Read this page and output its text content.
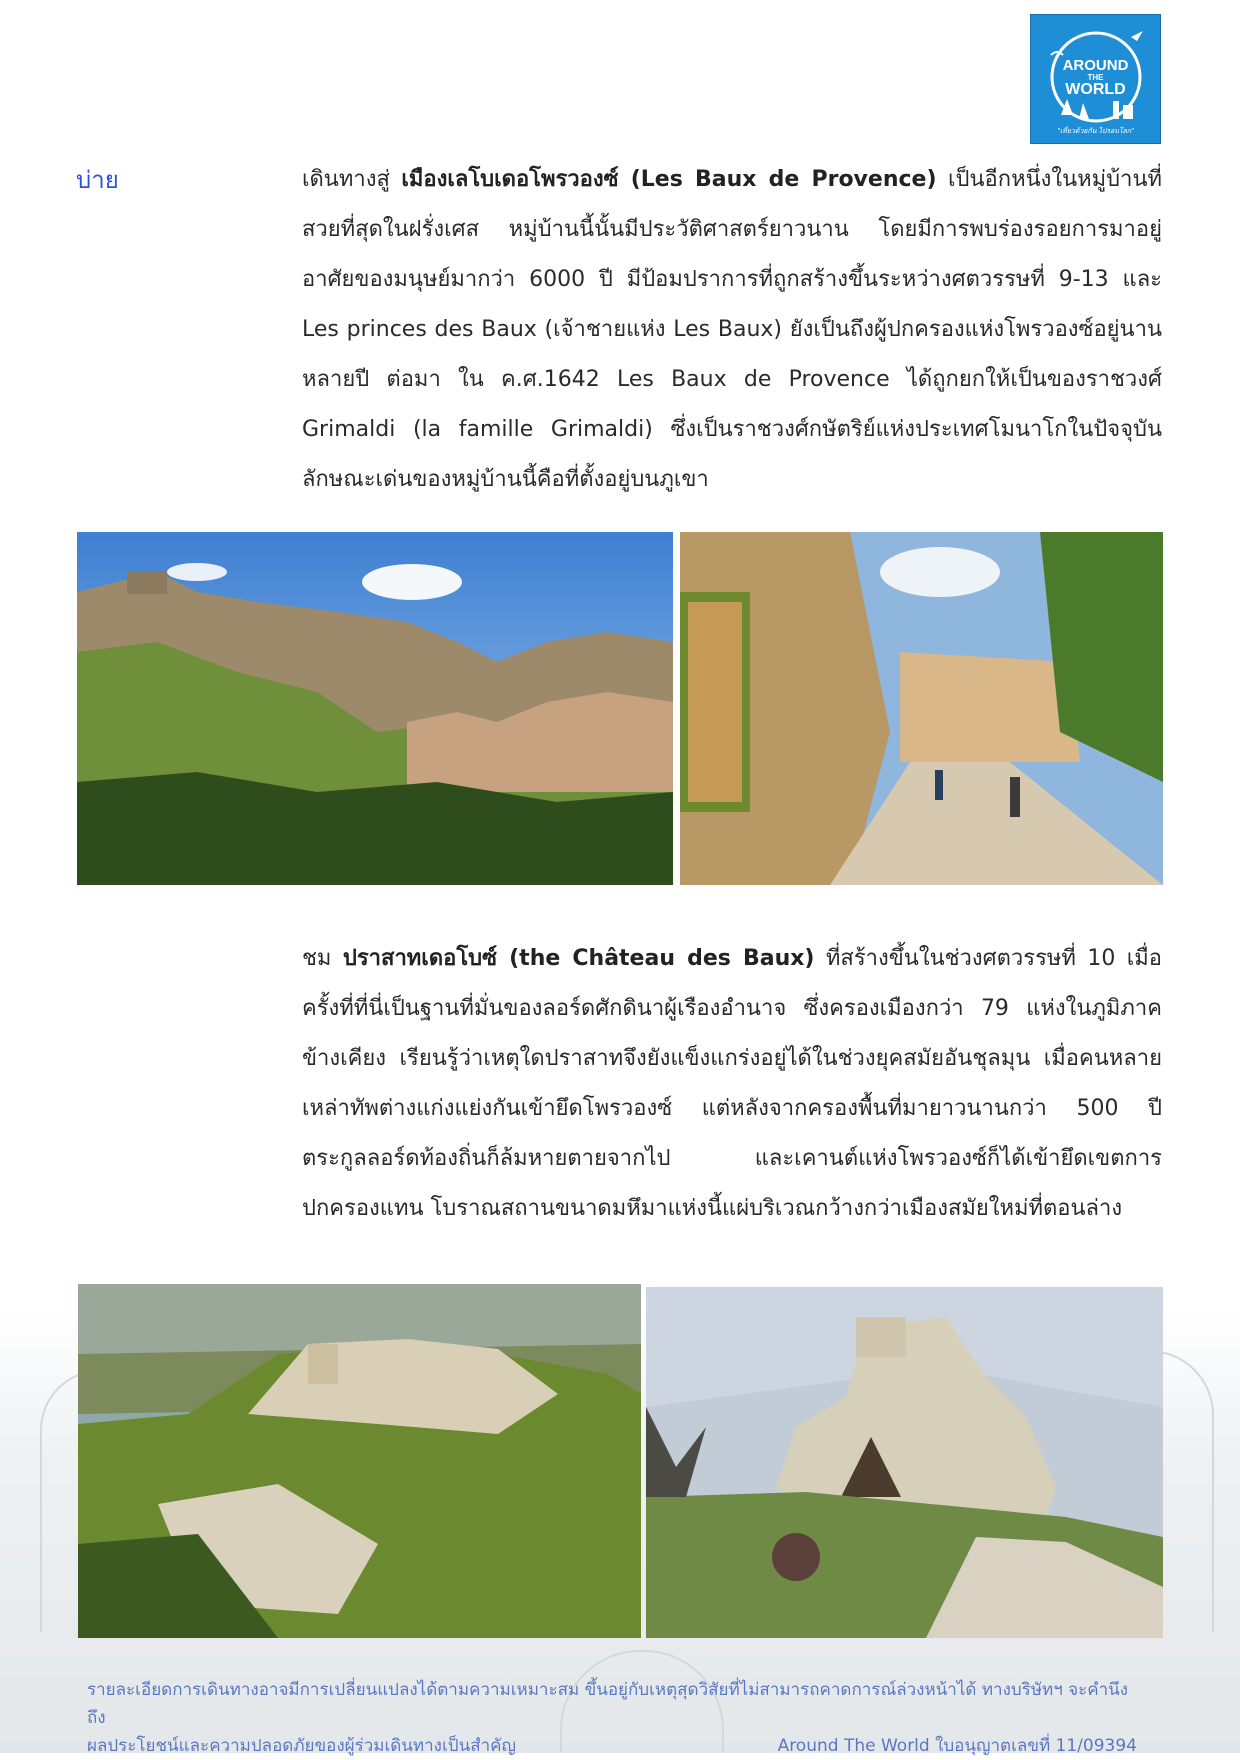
AROUND
THE
WORLD
"เที่ยวด้วยกัน ไปรอบโลก"
บ่าย	เดินทางสู่ เมืองเลโบเดอโพรวองซ์ (Les Baux de Provence) เป็นอีกหนึ่งในหมู่บ้านที่สวยที่สุดในฝรั่งเศส หมู่บ้านนี้นั้นมีประวัติศาสตร์ยาวนาน โดยมีการพบร่องรอยการมาอยู่อาศัยของมนุษย์มากว่า 6000 ปี มีป้อมปราการที่ถูกสร้างขึ้นระหว่างศตวรรษที่ 9-13 และ Les princes des Baux (เจ้าชายแห่ง Les Baux) ยังเป็นถึงผู้ปกครองแห่งโพรวองซ์อยู่นานหลายปี ต่อมา ใน ค.ศ.1642 Les Baux de Provence ได้ถูกยกให้เป็นของราชวงศ์ Grimaldi (la famille Grimaldi) ซึ่งเป็นราชวงศ์กษัตริย์แห่งประเทศโมนาโกในปัจจุบัน ลักษณะเด่นของหมู่บ้านนี้คือที่ตั้งอยู่บนภูเขา
ชม ปราสาทเดอโบซ์ (the Château des Baux) ที่สร้างขึ้นในช่วงศตวรรษที่ 10 เมื่อครั้งที่ที่นี่เป็นฐานที่มั่นของลอร์ดศักดินาผู้เรืองอำนาจ ซึ่งครองเมืองกว่า 79 แห่งในภูมิภาคข้างเคียง เรียนรู้ว่าเหตุใดปราสาทจึงยังแข็งแกร่งอยู่ได้ในช่วงยุคสมัยอันชุลมุน เมื่อคนหลายเหล่าทัพต่างแก่งแย่งกันเข้ายึดโพรวองซ์ แต่หลังจากครองพื้นที่มายาวนานกว่า 500 ปี ตระกูลลอร์ดท้องถิ่นก็ล้มหายตายจากไป และเคานต์แห่งโพรวองซ์ก็ได้เข้ายึดเขตการปกครองแทน โบราณสถานขนาดมหึมาแห่งนี้แผ่บริเวณกว้างกว่าเมืองสมัยใหม่ที่ตอนล่าง
รายละเอียดการเดินทางอาจมีการเปลี่ยนแปลงได้ตามความเหมาะสม ขึ้นอยู่กับเหตุสุดวิสัยที่ไม่สามารถคาดการณ์ล่วงหน้าได้ ทางบริษัทฯ จะคำนึงถึง
ผลประโยชน์และความปลอดภัยของผู้ร่วมเดินทางเป็นสำคัญ	Around The World ใบอนุญาตเลขที่ 11/09394
